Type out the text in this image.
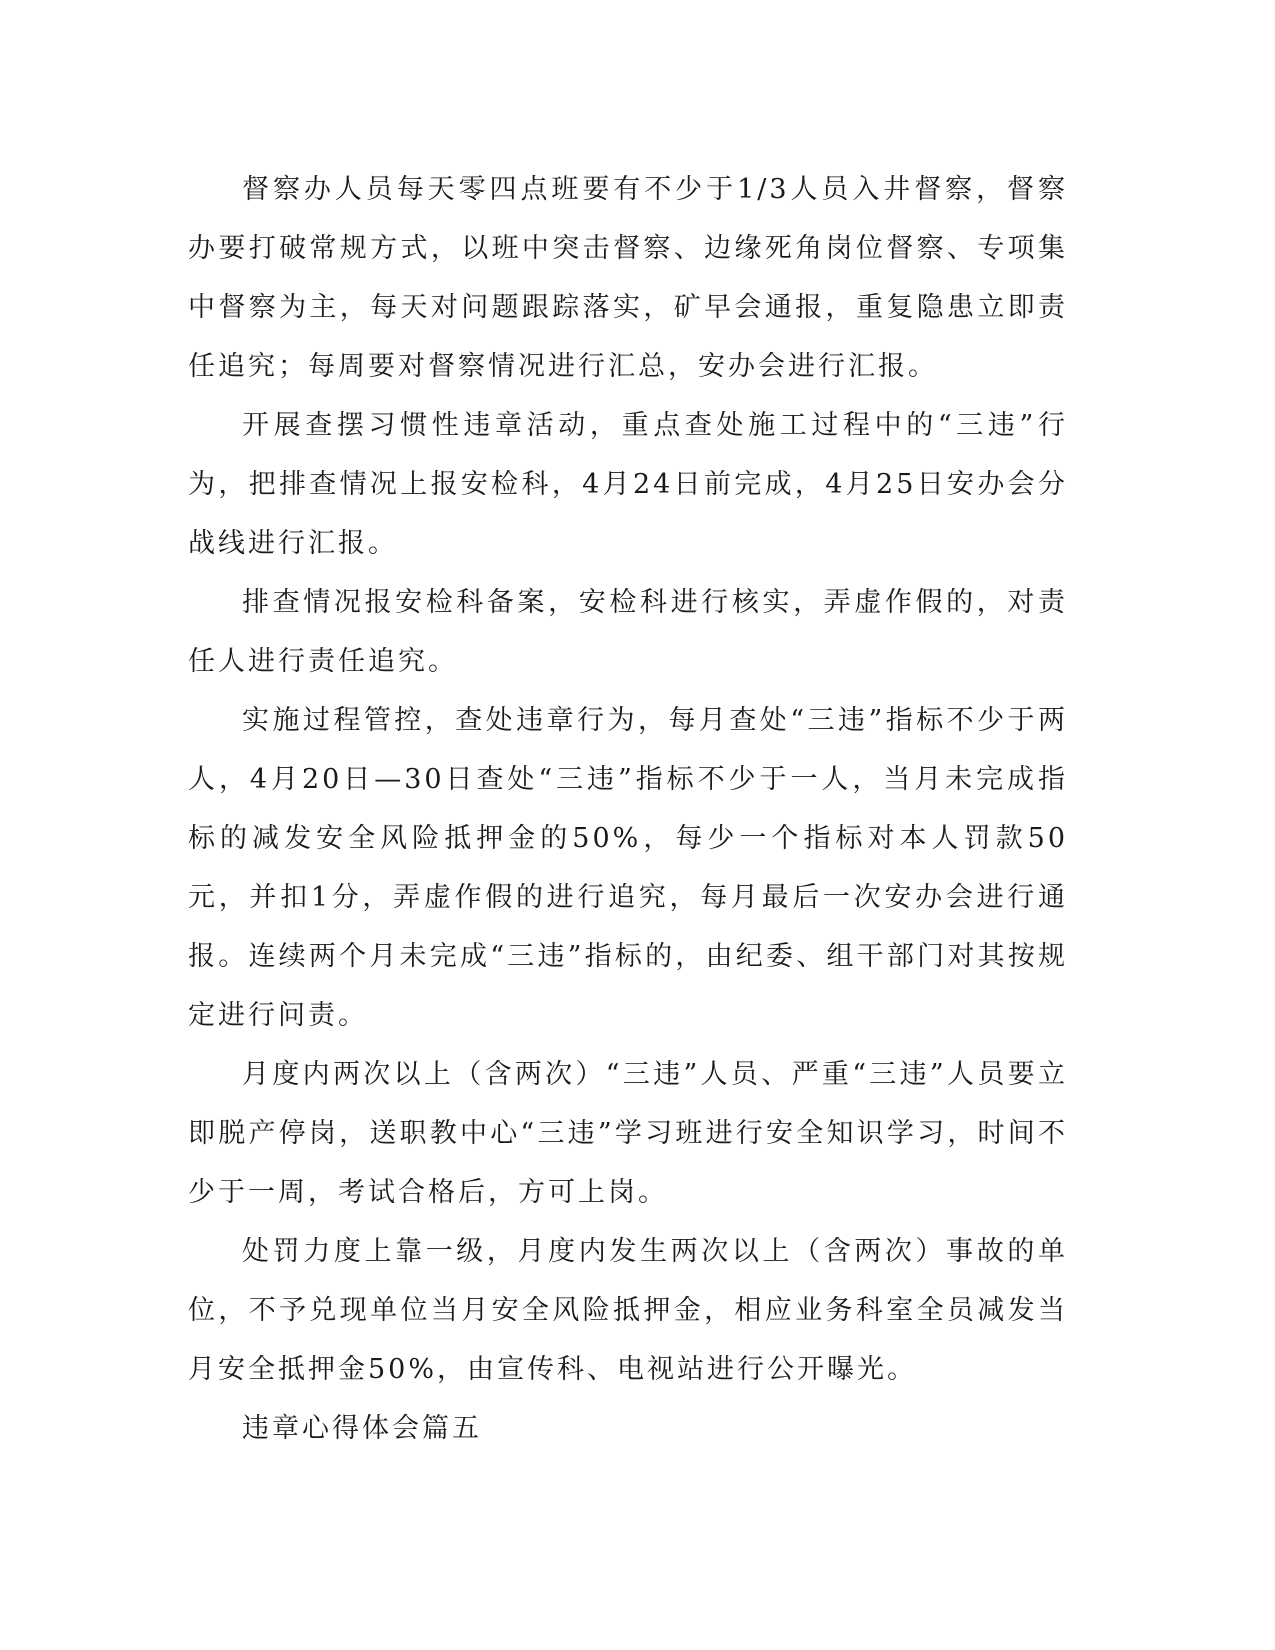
督察办人员每天零四点班要有不少于1/3人员入井督察，督察办要打破常规方式，以班中突击督察、边缘死角岗位督察、专项集中督察为主，每天对问题跟踪落实，矿早会通报，重复隐患立即责任追究；每周要对督察情况进行汇总，安办会进行汇报。

开展查摆习惯性违章活动，重点查处施工过程中的“三违”行为，把排查情况上报安检科，4月24日前完成，4月25日安办会分战线进行汇报。

排查情况报安检科备案，安检科进行核实，弄虚作假的，对责任人进行责任追究。

实施过程管控，查处违章行为，每月查处“三违”指标不少于两人，4月20日—30日查处“三违”指标不少于一人，当月未完成指标的减发安全风险抵押金的50%，每少一个指标对本人罚款50元，并扣1分，弄虚作假的进行追究，每月最后一次安办会进行通报。连续两个月未完成“三违”指标的，由纪委、组干部门对其按规定进行问责。

月度内两次以上（含两次）“三违”人员、严重“三违”人员要立即脱产停岗，送职教中心“三违”学习班进行安全知识学习，时间不少于一周，考试合格后，方可上岗。

处罚力度上靠一级，月度内发生两次以上（含两次）事故的单位，不予兑现单位当月安全风险抵押金，相应业务科室全员减发当月安全抵押金50%，由宣传科、电视站进行公开曝光。

违章心得体会篇五
